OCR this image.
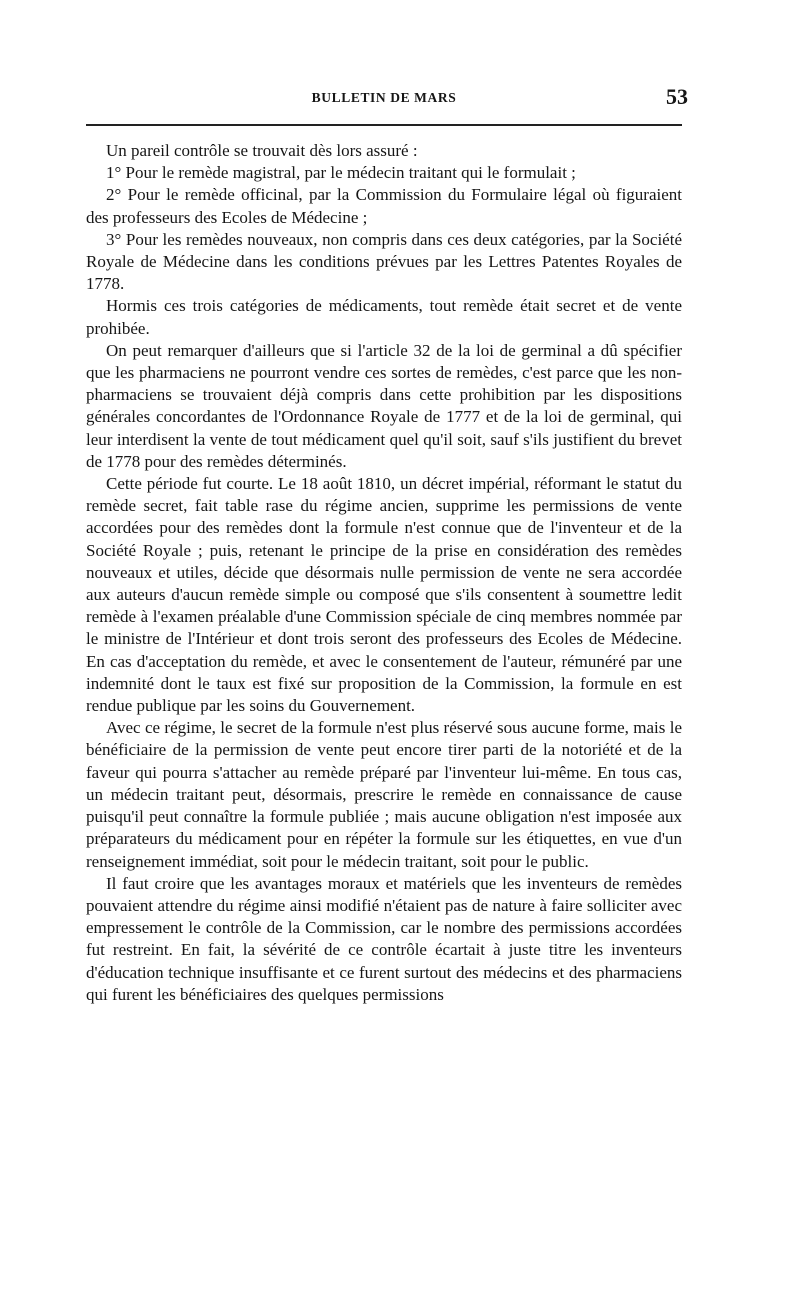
BULLETIN DE MARS	53

Un pareil contrôle se trouvait dès lors assuré :

1° Pour le remède magistral, par le médecin traitant qui le formulait ;

2° Pour le remède officinal, par la Commission du Formulaire légal où figuraient des professeurs des Ecoles de Médecine ;

3° Pour les remèdes nouveaux, non compris dans ces deux catégories, par la Société Royale de Médecine dans les conditions prévues par les Lettres Patentes Royales de 1778.

Hormis ces trois catégories de médicaments, tout remède était secret et de vente prohibée.

On peut remarquer d'ailleurs que si l'article 32 de la loi de germinal a dû spécifier que les pharmaciens ne pourront vendre ces sortes de remèdes, c'est parce que les non-pharmaciens se trouvaient déjà compris dans cette prohibition par les dispositions générales concordantes de l'Ordonnance Royale de 1777 et de la loi de germinal, qui leur interdisent la vente de tout médicament quel qu'il soit, sauf s'ils justifient du brevet de 1778 pour des remèdes déterminés.

Cette période fut courte. Le 18 août 1810, un décret impérial, réformant le statut du remède secret, fait table rase du régime ancien, supprime les permissions de vente accordées pour des remèdes dont la formule n'est connue que de l'inventeur et de la Société Royale ; puis, retenant le principe de la prise en considération des remèdes nouveaux et utiles, décide que désormais nulle permission de vente ne sera accordée aux auteurs d'aucun remède simple ou composé que s'ils consentent à soumettre ledit remède à l'examen préalable d'une Commission spéciale de cinq membres nommée par le ministre de l'Intérieur et dont trois seront des professeurs des Ecoles de Médecine. En cas d'acceptation du remède, et avec le consentement de l'auteur, rémunéré par une indemnité dont le taux est fixé sur proposition de la Commission, la formule en est rendue publique par les soins du Gouvernement.

Avec ce régime, le secret de la formule n'est plus réservé sous aucune forme, mais le bénéficiaire de la permission de vente peut encore tirer parti de la notoriété et de la faveur qui pourra s'attacher au remède préparé par l'inventeur lui-même. En tous cas, un médecin traitant peut, désormais, prescrire le remède en connaissance de cause puisqu'il peut connaître la formule publiée ; mais aucune obligation n'est imposée aux préparateurs du médicament pour en répéter la formule sur les étiquettes, en vue d'un renseignement immédiat, soit pour le médecin traitant, soit pour le public.

Il faut croire que les avantages moraux et matériels que les inventeurs de remèdes pouvaient attendre du régime ainsi modifié n'étaient pas de nature à faire solliciter avec empressement le contrôle de la Commission, car le nombre des permissions accordées fut restreint. En fait, la sévérité de ce contrôle écartait à juste titre les inventeurs d'éducation technique insuffisante et ce furent surtout des médecins et des pharmaciens qui furent les bénéficiaires des quelques permissions
